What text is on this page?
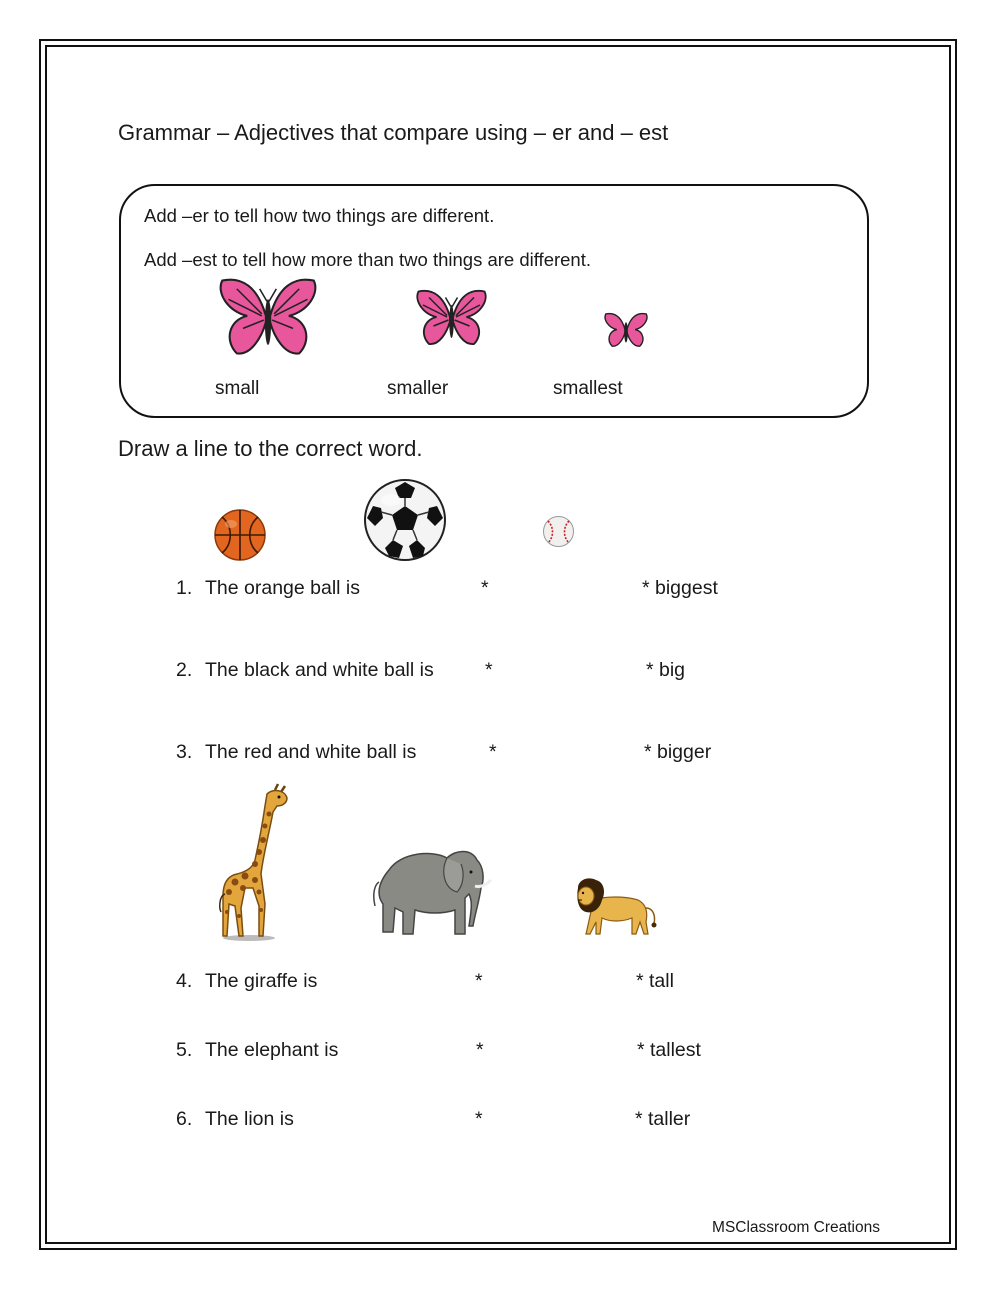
Grammar – Adjectives that compare using – er and – est
Add –er to tell how two things are different.
Add –est to tell how more than two things are different.
small	smaller	smallest
Draw a line to the correct word.
1. The orange ball is	*	* biggest
2. The black and white ball is	*	* big
3. The red and white ball is	*	* bigger
4. The giraffe is	*	* tall
5. The elephant is	*	* tallest
6. The lion is	*	* taller
MSClassroom Creations
